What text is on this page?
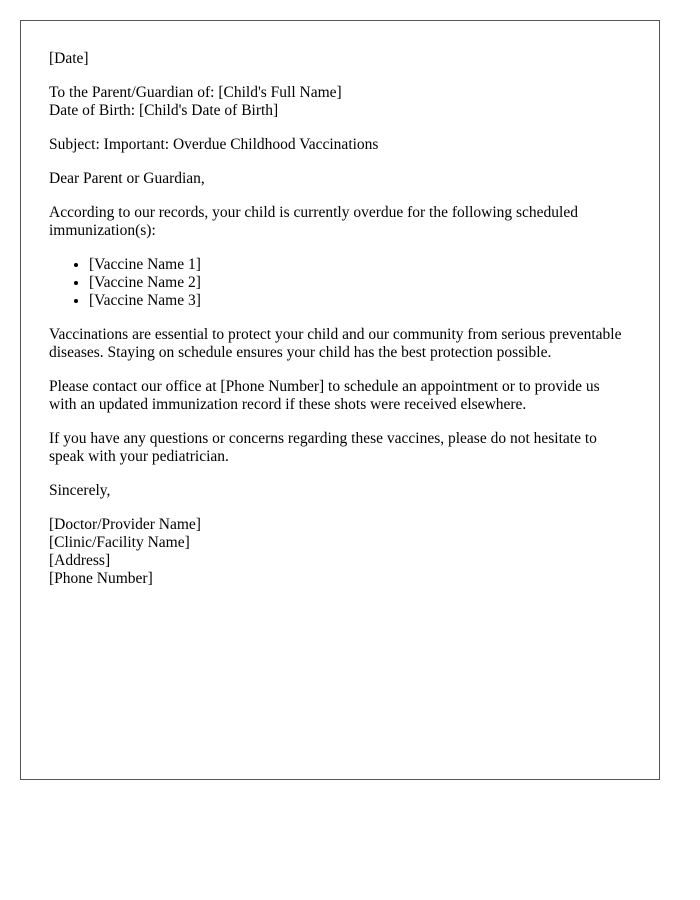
[Date]

To the Parent/Guardian of: [Child's Full Name]

Date of Birth: [Child's Date of Birth]

Subject: Important: Overdue Childhood Vaccinations

Dear Parent or Guardian,

According to our records, your child is currently overdue for the following scheduled immunization(s):

• [Vaccine Name 1]
• [Vaccine Name 2]
• [Vaccine Name 3]

Vaccinations are essential to protect your child and our community from serious preventable diseases. Staying on schedule ensures your child has the best protection possible.

Please contact our office at [Phone Number] to schedule an appointment or to provide us with an updated immunization record if these shots were received elsewhere.

If you have any questions or concerns regarding these vaccines, please do not hesitate to speak with your pediatrician.

Sincerely,

[Doctor/Provider Name]

[Clinic/Facility Name]

[Address]

[Phone Number]
